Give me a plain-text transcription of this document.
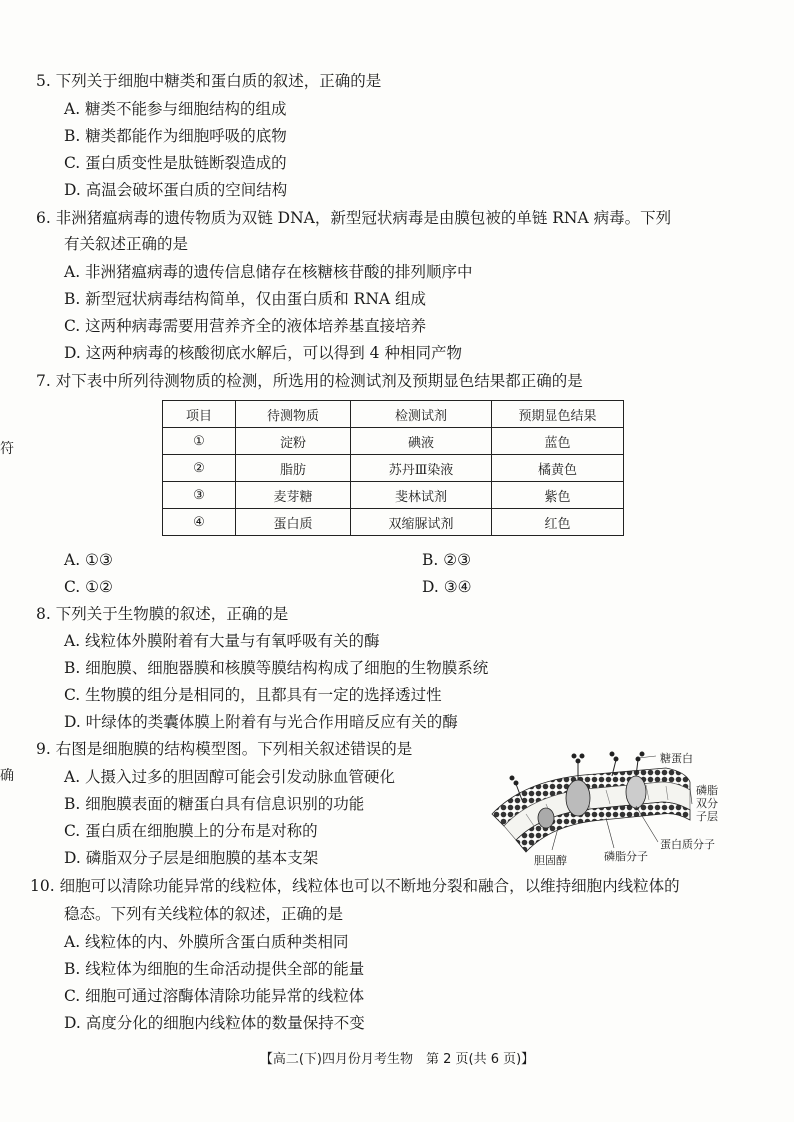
符
确
5. 下列关于细胞中糖类和蛋白质的叙述，正确的是
A. 糖类不能参与细胞结构的组成
B. 糖类都能作为细胞呼吸的底物
C. 蛋白质变性是肽链断裂造成的
D. 高温会破坏蛋白质的空间结构
6. 非洲猪瘟病毒的遗传物质为双链 DNA，新型冠状病毒是由膜包被的单链 RNA 病毒。下列
有关叙述正确的是
A. 非洲猪瘟病毒的遗传信息储存在核糖核苷酸的排列顺序中
B. 新型冠状病毒结构简单，仅由蛋白质和 RNA 组成
C. 这两种病毒需要用营养齐全的液体培养基直接培养
D. 这两种病毒的核酸彻底水解后，可以得到 4 种相同产物
7. 对下表中所列待测物质的检测，所选用的检测试剂及预期显色结果都正确的是
项目	待测物质	检测试剂	预期显色结果
①	淀粉	碘液	蓝色
②	脂肪	苏丹Ⅲ染液	橘黄色
③	麦芽糖	斐林试剂	紫色
④	蛋白质	双缩脲试剂	红色
A. ①③	B. ②③
C. ①②	D. ③④
8. 下列关于生物膜的叙述，正确的是
A. 线粒体外膜附着有大量与有氧呼吸有关的酶
B. 细胞膜、细胞器膜和核膜等膜结构构成了细胞的生物膜系统
C. 生物膜的组分是相同的，且都具有一定的选择透过性
D. 叶绿体的类囊体膜上附着有与光合作用暗反应有关的酶
9. 右图是细胞膜的结构模型图。下列相关叙述错误的是
A. 人摄入过多的胆固醇可能会引发动脉血管硬化
B. 细胞膜表面的糖蛋白具有信息识别的功能
C. 蛋白质在细胞膜上的分布是对称的
D. 磷脂双分子层是细胞膜的基本支架
糖蛋白
磷脂
双分
子层
蛋白质分子
磷脂分子
胆固醇
10. 细胞可以清除功能异常的线粒体，线粒体也可以不断地分裂和融合，以维持细胞内线粒体的
稳态。下列有关线粒体的叙述，正确的是
A. 线粒体的内、外膜所含蛋白质种类相同
B. 线粒体为细胞的生命活动提供全部的能量
C. 细胞可通过溶酶体清除功能异常的线粒体
D. 高度分化的细胞内线粒体的数量保持不变
【高二(下)四月份月考生物　第 2 页(共 6 页)】
